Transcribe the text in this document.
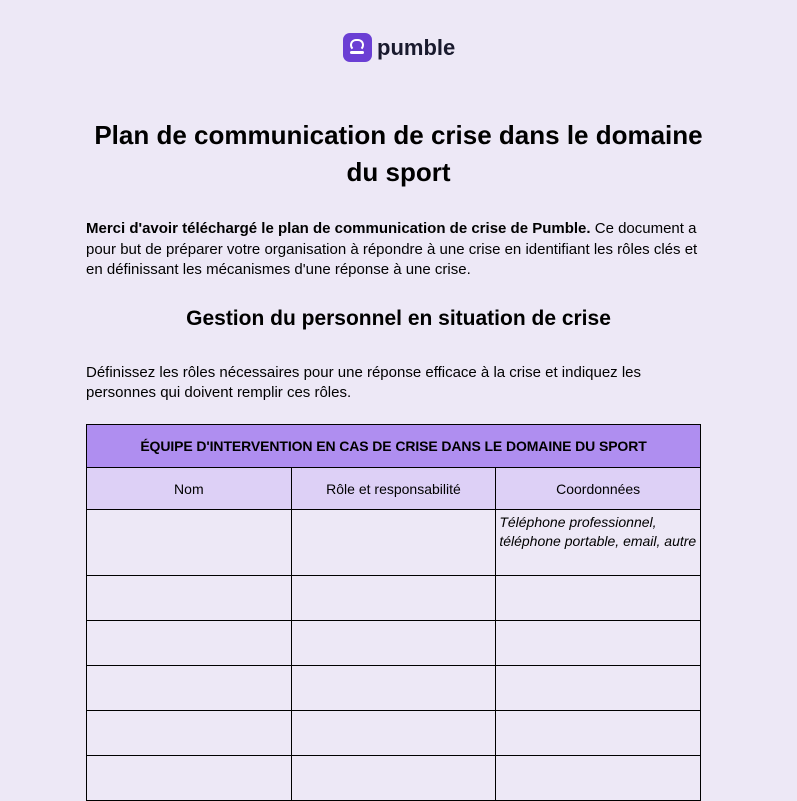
pumble
Plan de communication de crise dans le domaine du sport

Merci d'avoir téléchargé le plan de communication de crise de Pumble. Ce document a pour but de préparer votre organisation à répondre à une crise en identifiant les rôles clés et en définissant les mécanismes d'une réponse à une crise.

Gestion du personnel en situation de crise

Définissez les rôles nécessaires pour une réponse efficace à la crise et indiquez les personnes qui doivent remplir ces rôles.

ÉQUIPE D'INTERVENTION EN CAS DE CRISE DANS LE DOMAINE DU SPORT		
Nom	Rôle et responsabilité	Coordonnées
		Téléphone professionnel, téléphone portable, email, autre
